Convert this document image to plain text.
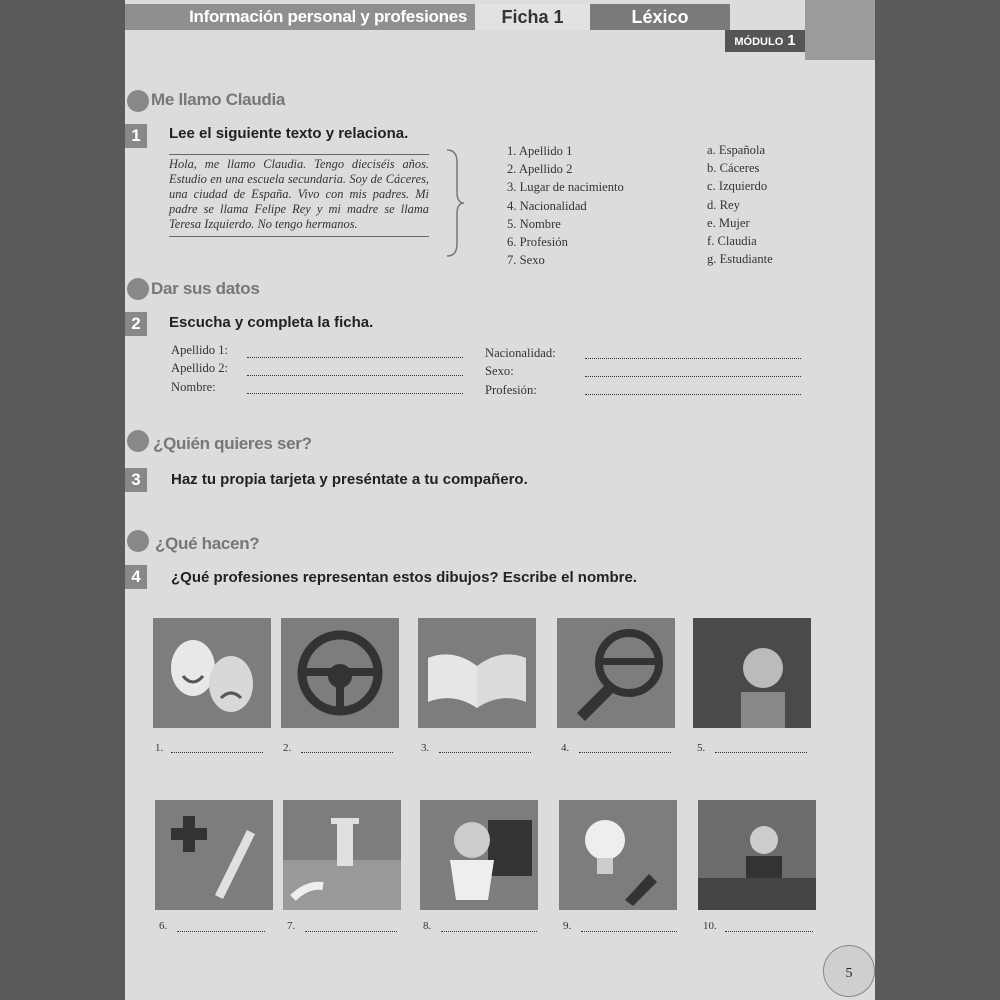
Información personal y profesiones	Ficha 1	Léxico
MÓDULO 1
Me llamo Claudia
1	Lee el siguiente texto y relaciona.
Hola, me llamo Claudia. Tengo dieciséis años. Estudio en una escuela secundaria. Soy de Cáceres, una ciudad de España. Vivo con mis padres. Mi padre se llama Felipe Rey y mi madre se llama Teresa Izquierdo. No tengo hermanos.
1. Apellido 1
2. Apellido 2
3. Lugar de nacimiento
4. Nacionalidad
5. Nombre
6. Profesión
7. Sexo
a. Española
b. Cáceres
c. Izquierdo
d. Rey
e. Mujer
f. Claudia
g. Estudiante
Dar sus datos
2	Escucha y completa la ficha.
Apellido 1:
Apellido 2:
Nombre:
Nacionalidad:
Sexo:
Profesión:
¿Quién quieres ser?
3	Haz tu propia tarjeta y preséntate a tu compañero.
¿Qué hacen?
4	¿Qué profesiones representan estos dibujos? Escribe el nombre.
1.	2.	3.	4.	5.
6.	7.	8.	9.	10.
5
